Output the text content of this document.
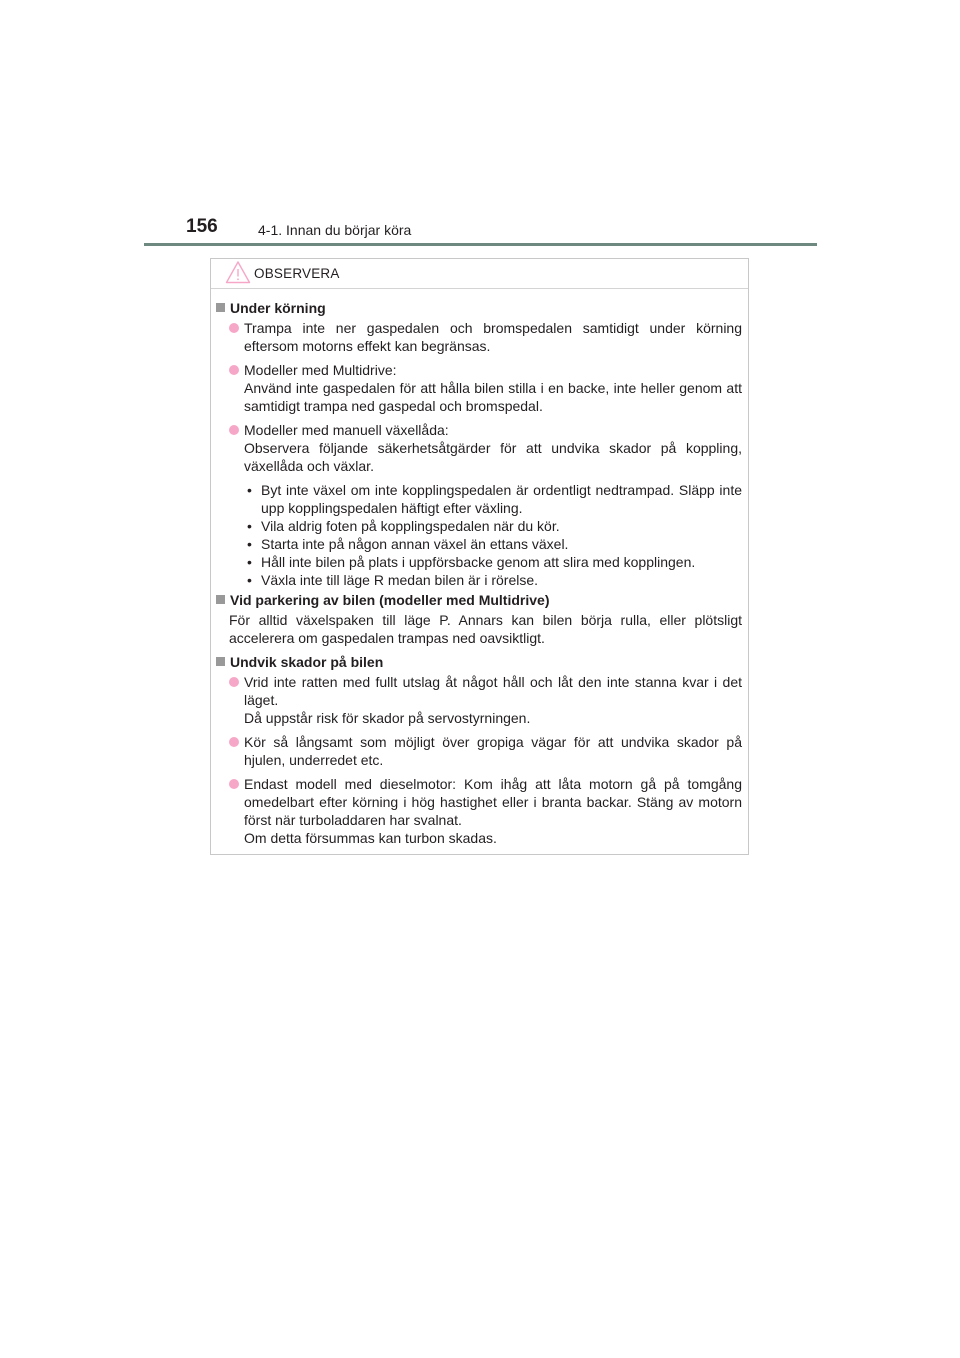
156	4-1. Innan du börjar köra
OBSERVERA
Under körning
Trampa inte ner gaspedalen och bromspedalen samtidigt under körning eftersom motorns effekt kan begränsas.
Modeller med Multidrive:
Använd inte gaspedalen för att hålla bilen stilla i en backe, inte heller genom att samtidigt trampa ned gaspedal och bromspedal.
Modeller med manuell växellåda:
Observera följande säkerhetsåtgärder för att undvika skador på koppling, växellåda och växlar.
• Byt inte växel om inte kopplingspedalen är ordentligt nedtrampad. Släpp inte upp kopplingspedalen häftigt efter växling.
• Vila aldrig foten på kopplingspedalen när du kör.
• Starta inte på någon annan växel än ettans växel.
• Håll inte bilen på plats i uppförsbacke genom att slira med kopplingen.
• Växla inte till läge R medan bilen är i rörelse.
Vid parkering av bilen (modeller med Multidrive)
För alltid växelspaken till läge P. Annars kan bilen börja rulla, eller plötsligt accelerera om gaspedalen trampas ned oavsiktligt.
Undvik skador på bilen
Vrid inte ratten med fullt utslag åt något håll och låt den inte stanna kvar i det läget.
Då uppstår risk för skador på servostyrningen.
Kör så långsamt som möjligt över gropiga vägar för att undvika skador på hjulen, underredet etc.
Endast modell med dieselmotor: Kom ihåg att låta motorn gå på tomgång omedelbart efter körning i hög hastighet eller i branta backar. Stäng av motorn först när turboladdaren har svalnat.
Om detta försummas kan turbon skadas.
